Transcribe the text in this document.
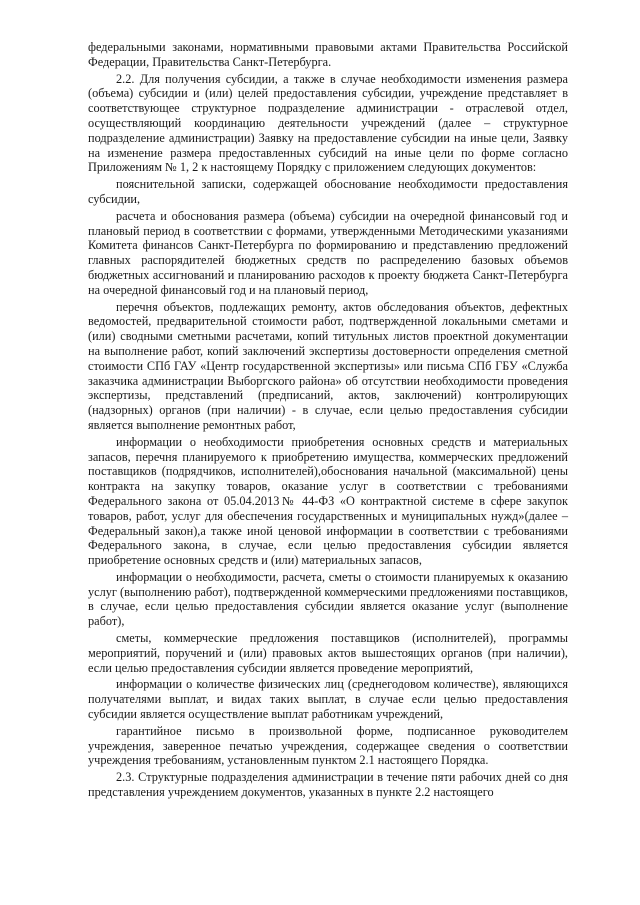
федеральными законами, нормативными правовыми актами Правительства Российской Федерации, Правительства Санкт-Петербурга.

2.2. Для получения субсидии, а также в случае необходимости изменения размера (объема) субсидии и (или) целей предоставления субсидии, учреждение представляет в соответствующее структурное подразделение администрации - отраслевой отдел, осуществляющий координацию деятельности учреждений (далее – структурное подразделение администрации) Заявку на предоставление субсидии на иные цели, Заявку на изменение размера предоставленных субсидий на иные цели по форме согласно Приложениям № 1, 2 к настоящему Порядку с приложением следующих документов:

пояснительной записки, содержащей обоснование необходимости предоставления субсидии,

расчета и обоснования размера (объема) субсидии на очередной финансовый год и плановый период в соответствии с формами, утвержденными Методическими указаниями Комитета финансов Санкт-Петербурга по формированию и представлению предложений главных распорядителей бюджетных средств по распределению базовых объемов бюджетных ассигнований и планированию расходов к проекту бюджета Санкт-Петербурга на очередной финансовый год и на плановый период,

перечня объектов, подлежащих ремонту, актов обследования объектов, дефектных ведомостей, предварительной стоимости работ, подтвержденной локальными сметами и (или) сводными сметными расчетами, копий титульных листов проектной документации на выполнение работ, копий заключений экспертизы достоверности определения сметной стоимости СПб ГАУ «Центр государственной экспертизы» или письма СПб ГБУ «Служба заказчика администрации Выборгского района» об отсутствии необходимости проведения экспертизы, представлений (предписаний, актов, заключений) контролирующих (надзорных) органов (при наличии) - в случае, если целью предоставления субсидии является выполнение ремонтных работ,

информации о необходимости приобретения основных средств и материальных запасов, перечня планируемого к приобретению имущества, коммерческих предложений поставщиков (подрядчиков, исполнителей),обоснования начальной (максимальной) цены контракта на закупку товаров, оказание услуг в соответствии с требованиями Федерального закона от 05.04.2013№ 44-ФЗ «О контрактной системе в сфере закупок товаров, работ, услуг для обеспечения государственных и муниципальных нужд»(далее – Федеральный закон),а также иной ценовой информации в соответствии с требованиями Федерального закона, в случае, если целью предоставления субсидии является приобретение основных средств и (или) материальных запасов,

информации о необходимости, расчета, сметы о стоимости планируемых к оказанию услуг (выполнению работ), подтвержденной коммерческими предложениями поставщиков, в случае, если целью предоставления субсидии является оказание услуг (выполнение работ),

сметы, коммерческие предложения поставщиков (исполнителей), программы мероприятий, поручений и (или) правовых актов вышестоящих органов (при наличии), если целью предоставления субсидии является проведение мероприятий,

информации о количестве физических лиц (среднегодовом количестве), являющихся получателями выплат, и видах таких выплат, в случае если целью предоставления субсидии является осуществление выплат работникам учреждений,

гарантийное письмо в произвольной форме, подписанное руководителем учреждения, заверенное печатью учреждения, содержащее сведения о соответствии учреждения требованиям, установленным пунктом 2.1 настоящего Порядка.

2.3. Структурные подразделения администрации в течение пяти рабочих дней со дня представления учреждением документов, указанных в пункте 2.2 настоящего
